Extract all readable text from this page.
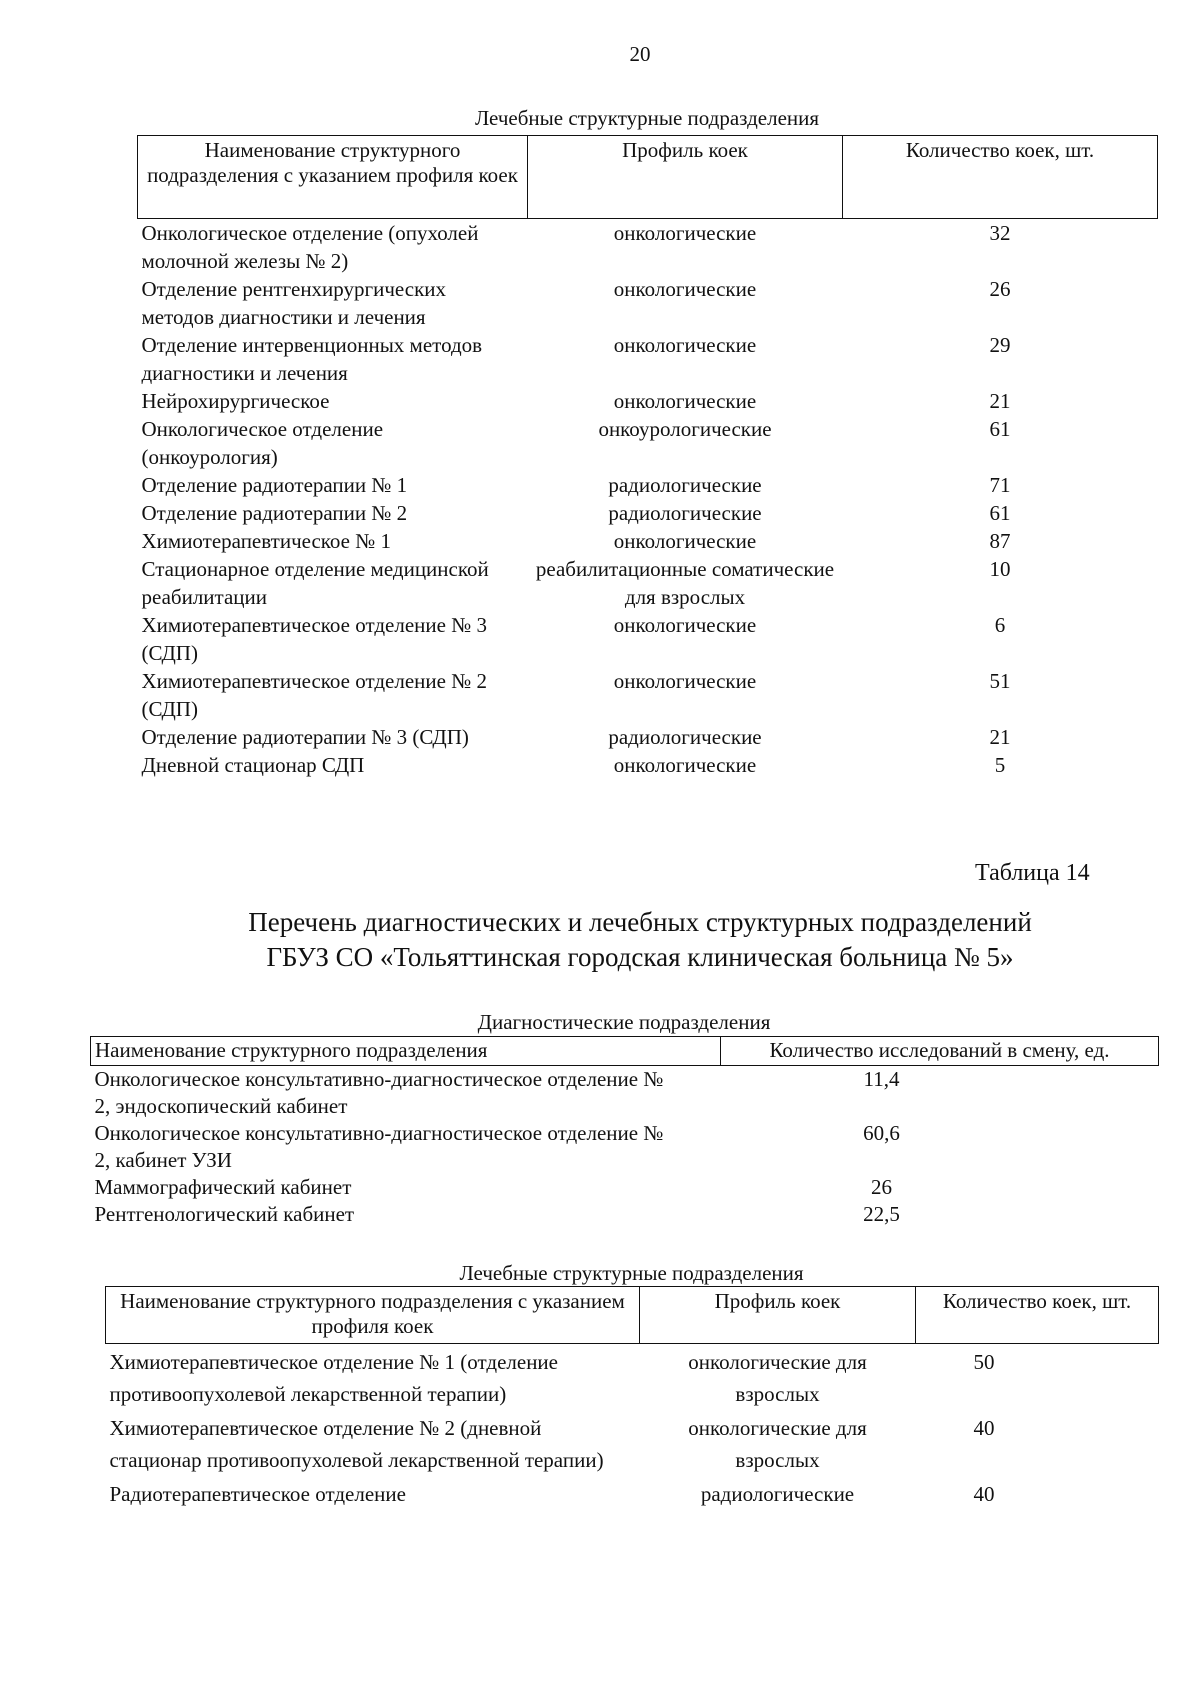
20
Лечебные структурные подразделения
Наименование структурного подразделения с указанием профиля коек	Профиль коек	Количество коек, шт.
Онкологическое отделение (опухолей молочной железы № 2)	онкологические	32
Отделение рентгенхирургических методов диагностики и лечения	онкологические	26
Отделение интервенционных методов диагностики и лечения	онкологические	29
Нейрохирургическое	онкологические	21
Онкологическое отделение (онкоурология)	онкоурологические	61
Отделение радиотерапии № 1	радиологические	71
Отделение радиотерапии № 2	радиологические	61
Химиотерапевтическое № 1	онкологические	87
Стационарное отделение медицинской реабилитации	реабилитационные соматические для взрослых	10
Химиотерапевтическое отделение № 3 (СДП)	онкологические	6
Химиотерапевтическое отделение № 2 (СДП)	онкологические	51
Отделение радиотерапии № 3 (СДП)	радиологические	21
Дневной стационар СДП	онкологические	5
Таблица 14
Перечень диагностических и лечебных структурных подразделений
ГБУЗ СО «Тольяттинская городская клиническая больница № 5»
Диагностические подразделения
Наименование структурного подразделения	Количество исследований в смену, ед.
Онкологическое консультативно-диагностическое отделение № 2, эндоскопический кабинет	11,4
Онкологическое консультативно-диагностическое отделение № 2, кабинет УЗИ	60,6
Маммографический кабинет	26
Рентгенологический кабинет	22,5
Лечебные структурные подразделения
Наименование структурного подразделения с указанием профиля коек	Профиль коек	Количество коек, шт.
Химиотерапевтическое отделение № 1 (отделение противоопухолевой лекарственной терапии)	онкологические для взрослых	50
Химиотерапевтическое отделение № 2 (дневной стационар противоопухолевой лекарственной терапии)	онкологические для взрослых	40
Радиотерапевтическое отделение	радиологические	40
